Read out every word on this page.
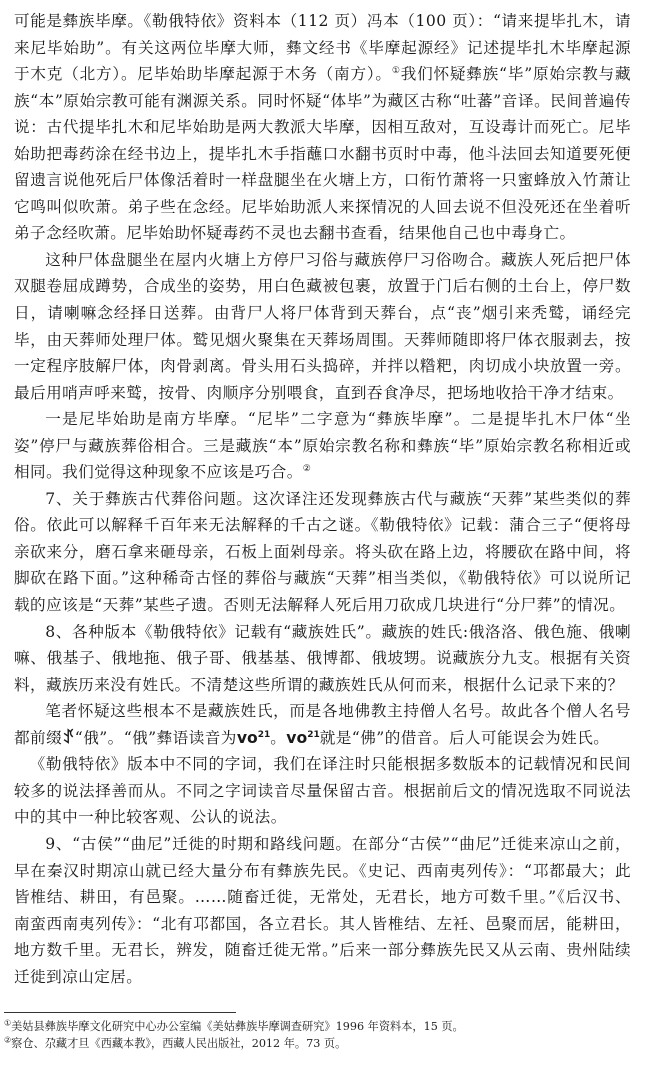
可能是彝族毕摩。《勒俄特依》资料本（112 页）冯本（100 页）：“请来提毕扎木，请来尼毕始助”。有关这两位毕摩大师，彝文经书《毕摩起源经》记述提毕扎木毕摩起源于木克（北方）。尼毕始助毕摩起源于木务（南方）。①我们怀疑彝族“毕”原始宗教与藏族“本”原始宗教可能有渊源关系。同时怀疑“体毕”为藏区古称“吐蕃”音译。民间普遍传说：古代提毕扎木和尼毕始助是两大教派大毕摩，因相互敌对，互设毒计而死亡。尼毕始助把毒药涂在经书边上，提毕扎木手指蘸口水翻书页时中毒，他斗法回去知道要死便留遗言说他死后尸体像活着时一样盘腿坐在火塘上方，口衔竹萧将一只蜜蜂放入竹萧让它鸣叫似吹萧。弟子些在念经。尼毕始助派人来探情况的人回去说不但没死还在坐着听弟子念经吹萧。尼毕始助怀疑毒药不灵也去翻书查看，结果他自己也中毒身亡。

这种尸体盘腿坐在屋内火塘上方停尸习俗与藏族停尸习俗吻合。藏族人死后把尸体双腿卷屈成蹲势，合成坐的姿势，用白色藏被包裹，放置于门后右侧的土台上，停尸数日，请喇嘛念经择日送葬。由背尸人将尸体背到天葬台，点“丧”烟引来秃鹫，诵经完毕，由天葬师处理尸体。鹫见烟火聚集在天葬场周围。天葬师随即将尸体衣服剥去，按一定程序肢解尸体，肉骨剥离。骨头用石头捣碎，并拌以糌粑，肉切成小块放置一旁。最后用哨声呼来鹫，按骨、肉顺序分别喂食，直到吞食净尽，把场地收拾干净才结束。

一是尼毕始助是南方毕摩。“尼毕”二字意为“彝族毕摩”。二是提毕扎木尸体“坐姿”停尸与藏族葬俗相合。三是藏族“本”原始宗教名称和彝族“毕”原始宗教名称相近或相同。我们觉得这种现象不应该是巧合。②

7、关于彝族古代葬俗问题。这次译注还发现彝族古代与藏族“天葬”某些类似的葬俗。依此可以解释千百年来无法解释的千古之谜。《勒俄特依》记载：蒲合三子“便将母亲砍来分，磨石拿来砸母亲，石板上面剁母亲。将头砍在路上边，将腰砍在路中间，将脚砍在路下面。”这种稀奇古怪的葬俗与藏族“天葬”相当类似，《勒俄特依》可以说所记载的应该是“天葬”某些孑遗。否则无法解释人死后用刀砍成几块进行“分尸葬”的情况。

8、各种版本《勒俄特依》记载有“藏族姓氏”。藏族的姓氏:俄洛洛、俄色施、俄喇嘛、俄基子、俄地拖、俄子哥、俄基基、俄博都、俄坡甥。说藏族分九支。根据有关资料，藏族历来没有姓氏。不清楚这些所谓的藏族姓氏从何而来，根据什么记录下来的？

笔者怀疑这些根本不是藏族姓氏，而是各地佛教主持僧人名号。故此各个僧人名号都前缀ꀋ“俄”。“俄”彝语读音为$vo^{21}$。$vo^{21}$就是“佛”的借音。后人可能误会为姓氏。

《勒俄特依》版本中不同的字词，我们在译注时只能根据多数版本的记载情况和民间较多的说法择善而从。不同之字词读音尽量保留古音。根据前后文的情况选取不同说法中的其中一种比较客观、公认的说法。

9、“古侯”“曲尼”迁徙的时期和路线问题。在部分“古侯”“曲尼”迁徙来凉山之前，早在秦汉时期凉山就已经大量分布有彝族先民。《史记、西南夷列传》：“邛都最大；此皆椎结、耕田，有邑聚。……随畜迁徙，无常处，无君长，地方可数千里。”《后汉书、南蛮西南夷列传》：“北有邛都国，各立君长。其人皆椎结、左衽、邑聚而居，能耕田，地方数千里。无君长，辨发，随畜迁徙无常。”后来一部分彝族先民又从云南、贵州陆续迁徙到凉山定居。

①美姑县彝族毕摩文化研究中心办公室编《美姑彝族毕摩调查研究》1996 年资料本，15 页。

②察仓、尕藏才旦《西藏本教》，西藏人民出版社，2012 年。73 页。
